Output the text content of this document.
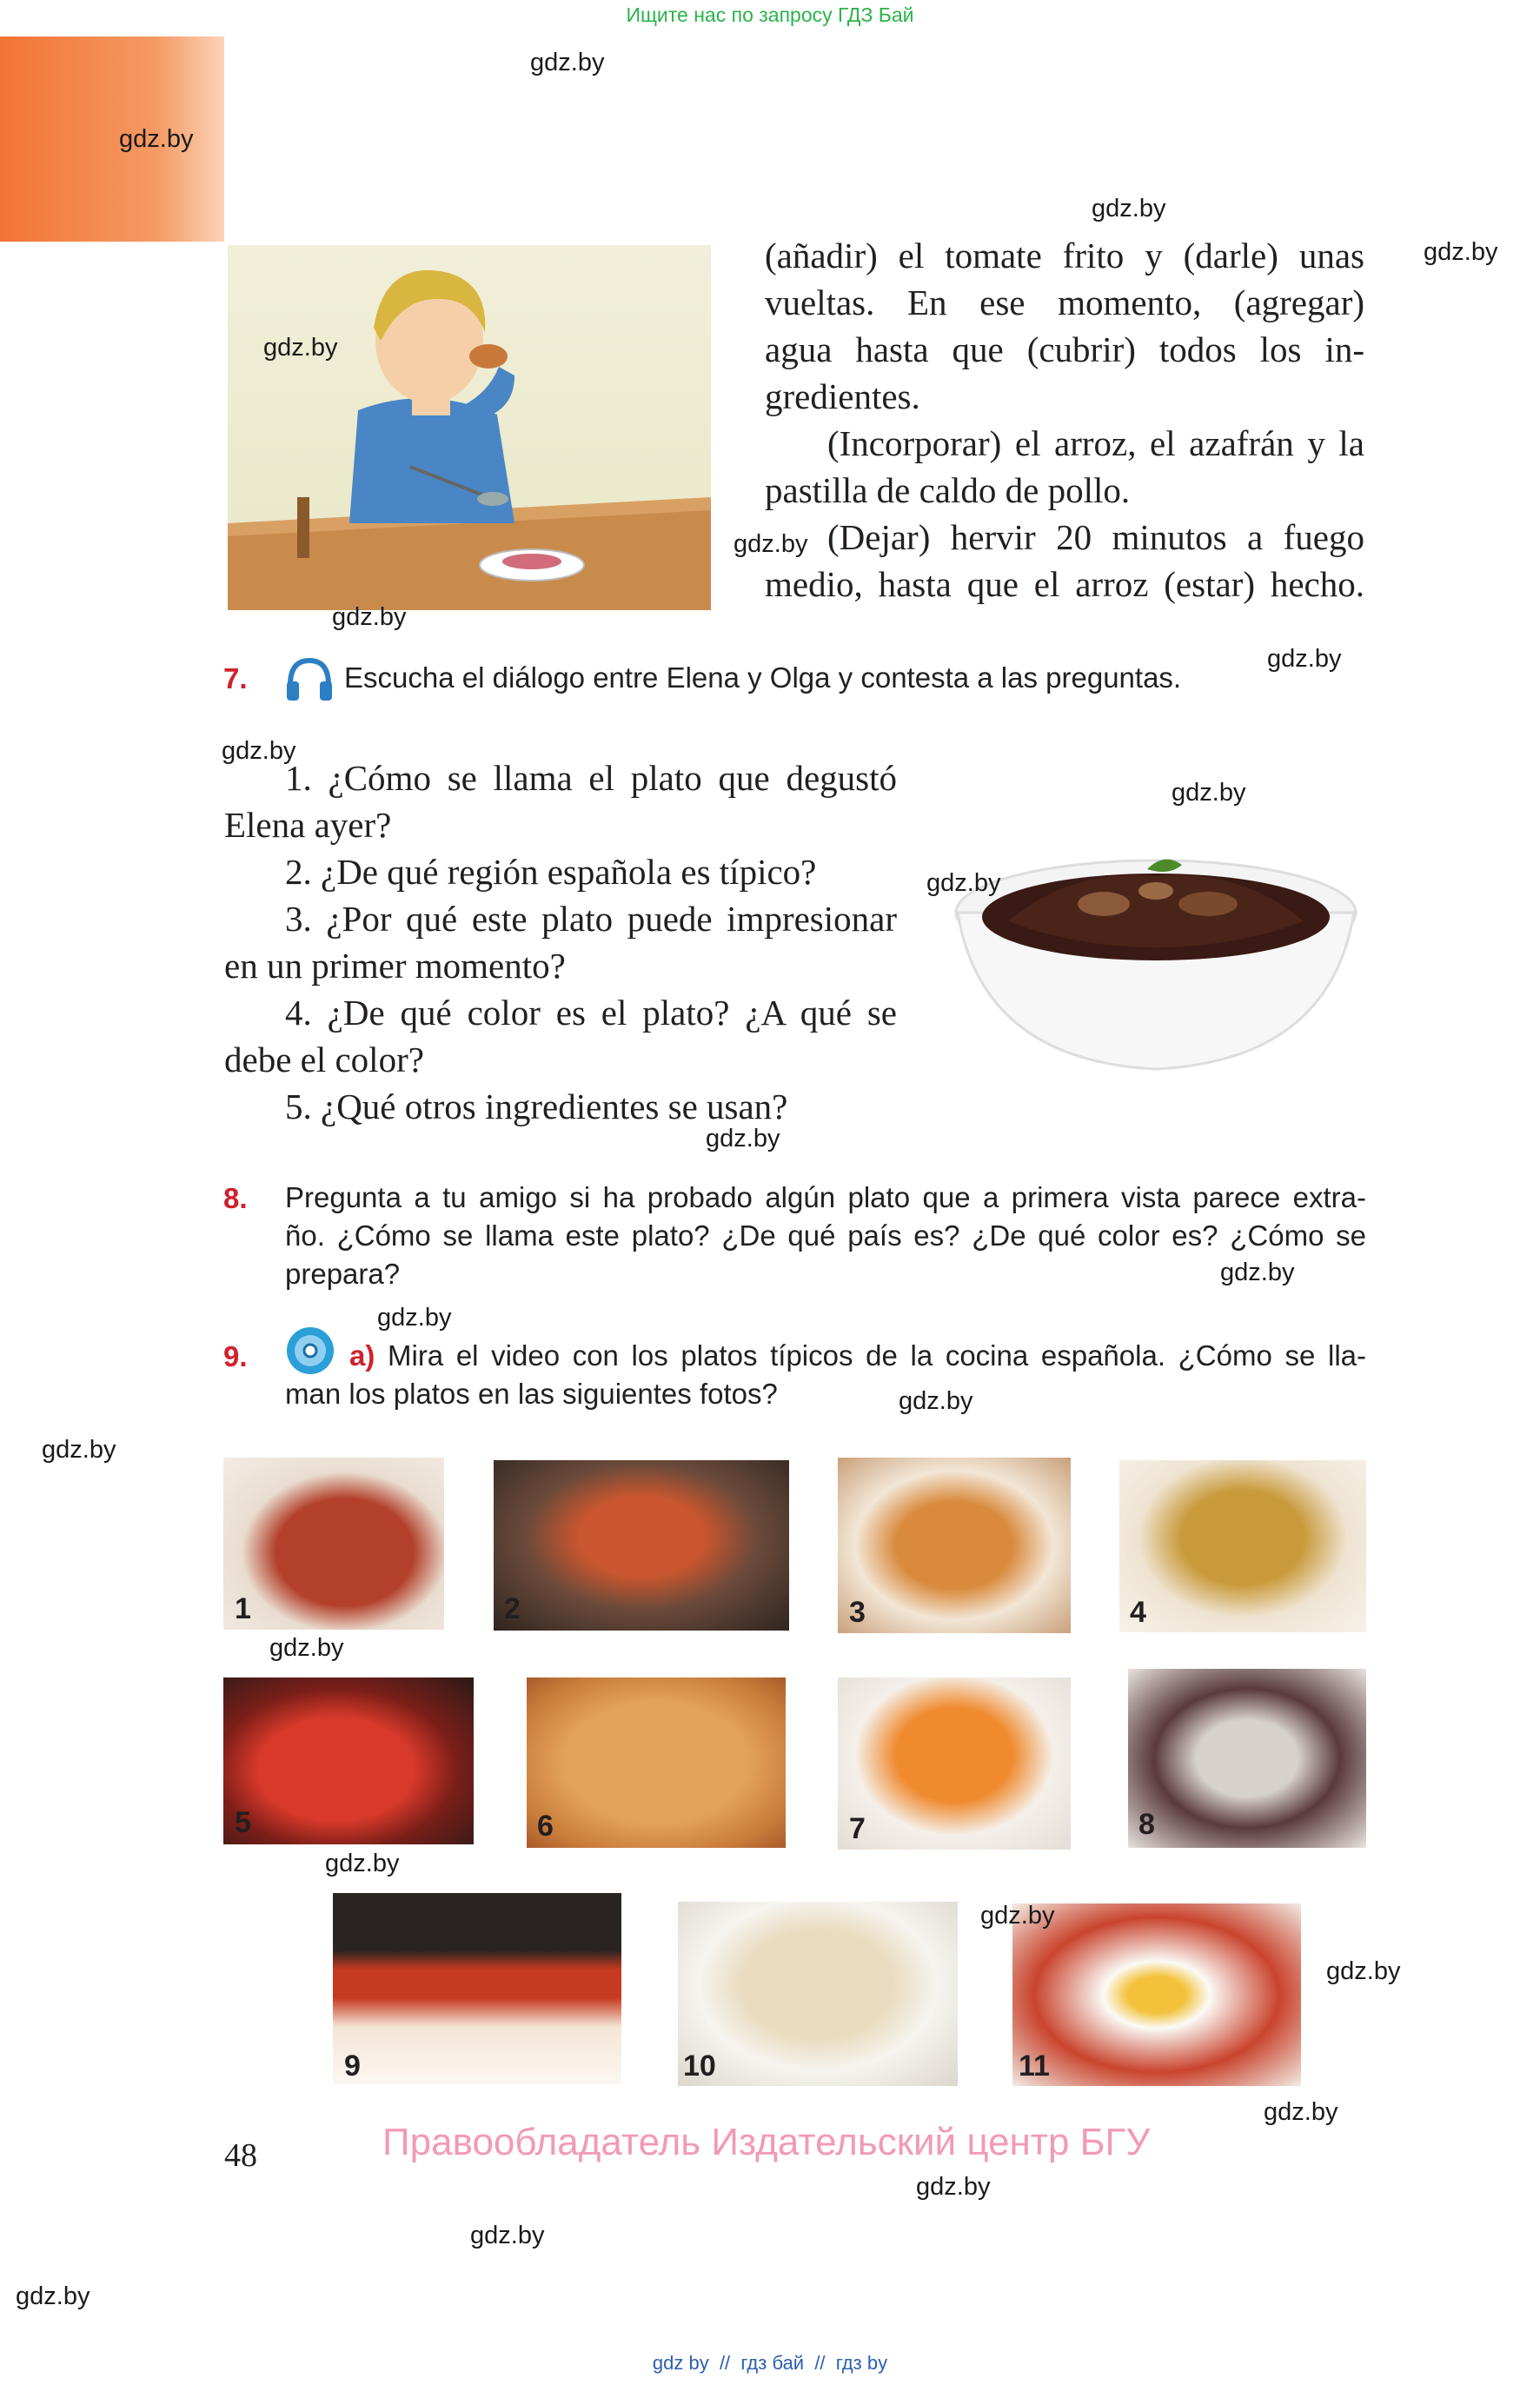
Ищите нас по запросу ГДЗ Бай
(añadir) el tomate frito y (darle) unas
vueltas. En ese momento, (agregar)
agua hasta que (cubrir) todos los in-
gredientes.
(Incorporar) el arroz, el azafrán y la
pastilla de caldo de pollo.
(Dejar) hervir 20 minutos a fuego
medio, hasta que el arroz (estar) hecho.
7.	Escucha el diálogo entre Elena y Olga y contesta a las preguntas.
1. ¿Cómo se llama el plato que degustó
Elena ayer?
2. ¿De qué región española es típico?
3. ¿Por qué este plato puede impresionar
en un primer momento?
4. ¿De qué color es el plato? ¿A qué se
debe el color?
5. ¿Qué otros ingredientes se usan?
8. Pregunta a tu amigo si ha probado algún plato que a primera vista parece extra-
ño. ¿Cómo se llama este plato? ¿De qué país es? ¿De qué color es? ¿Cómo se
prepara?
9.	a) Mira el video con los platos típicos de la cocina española. ¿Cómo se lla-
man los platos en las siguientes fotos?
1	2	3	4
5	6	7	8
9	10	11
48	Правообладатель Издательский центр БГУ
gdz by  //  гдз бай  //  гдз by
gdz.by
gdz.by
gdz.by
gdz.by
gdz.by
gdz.by
gdz.by
gdz.by
gdz.by
gdz.by
gdz.by
gdz.by
gdz.by
gdz.by
gdz.by
gdz.by
gdz.by
gdz.by
gdz.by
gdz.by
gdz.by
gdz.by
gdz.by
gdz.by
